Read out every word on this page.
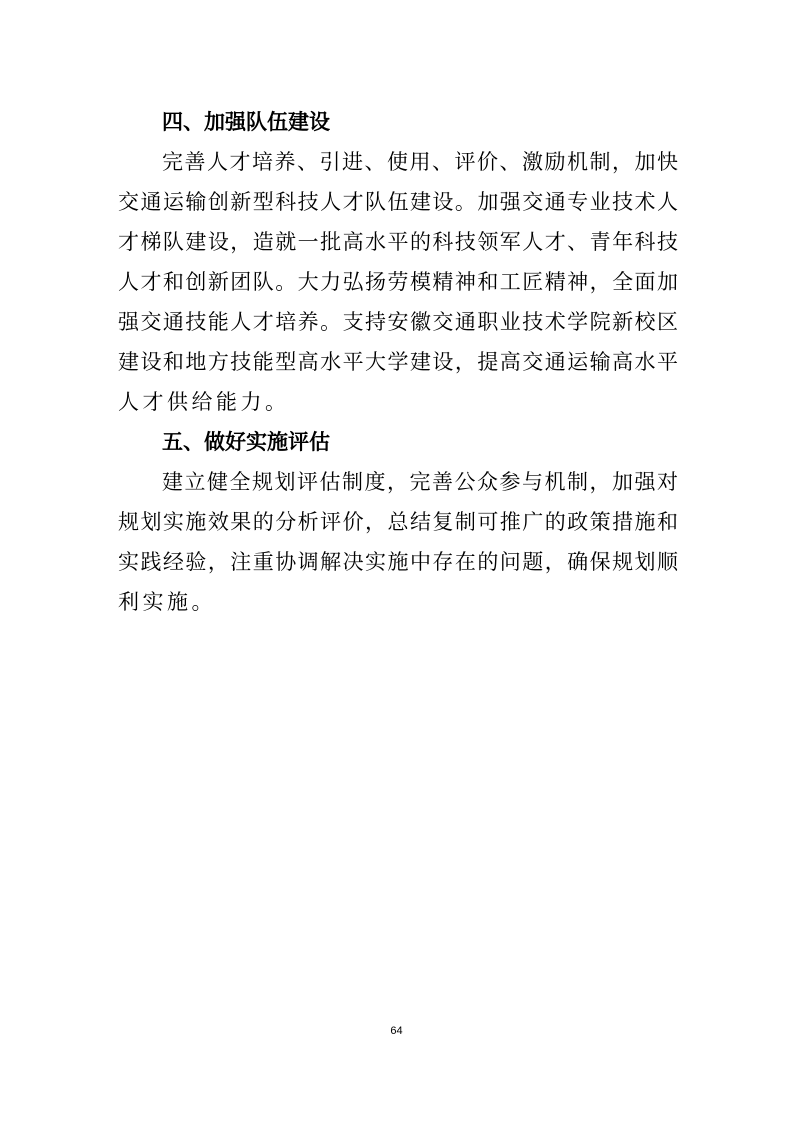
四、加强队伍建设
完善人才培养、引进、使用、评价、激励机制，加快
交通运输创新型科技人才队伍建设。加强交通专业技术人
才梯队建设，造就一批高水平的科技领军人才、青年科技
人才和创新团队。大力弘扬劳模精神和工匠精神，全面加
强交通技能人才培养。支持安徽交通职业技术学院新校区
建设和地方技能型高水平大学建设，提高交通运输高水平
人才供给能力。
五、做好实施评估
建立健全规划评估制度，完善公众参与机制，加强对
规划实施效果的分析评价，总结复制可推广的政策措施和
实践经验，注重协调解决实施中存在的问题，确保规划顺
利实施。
64
